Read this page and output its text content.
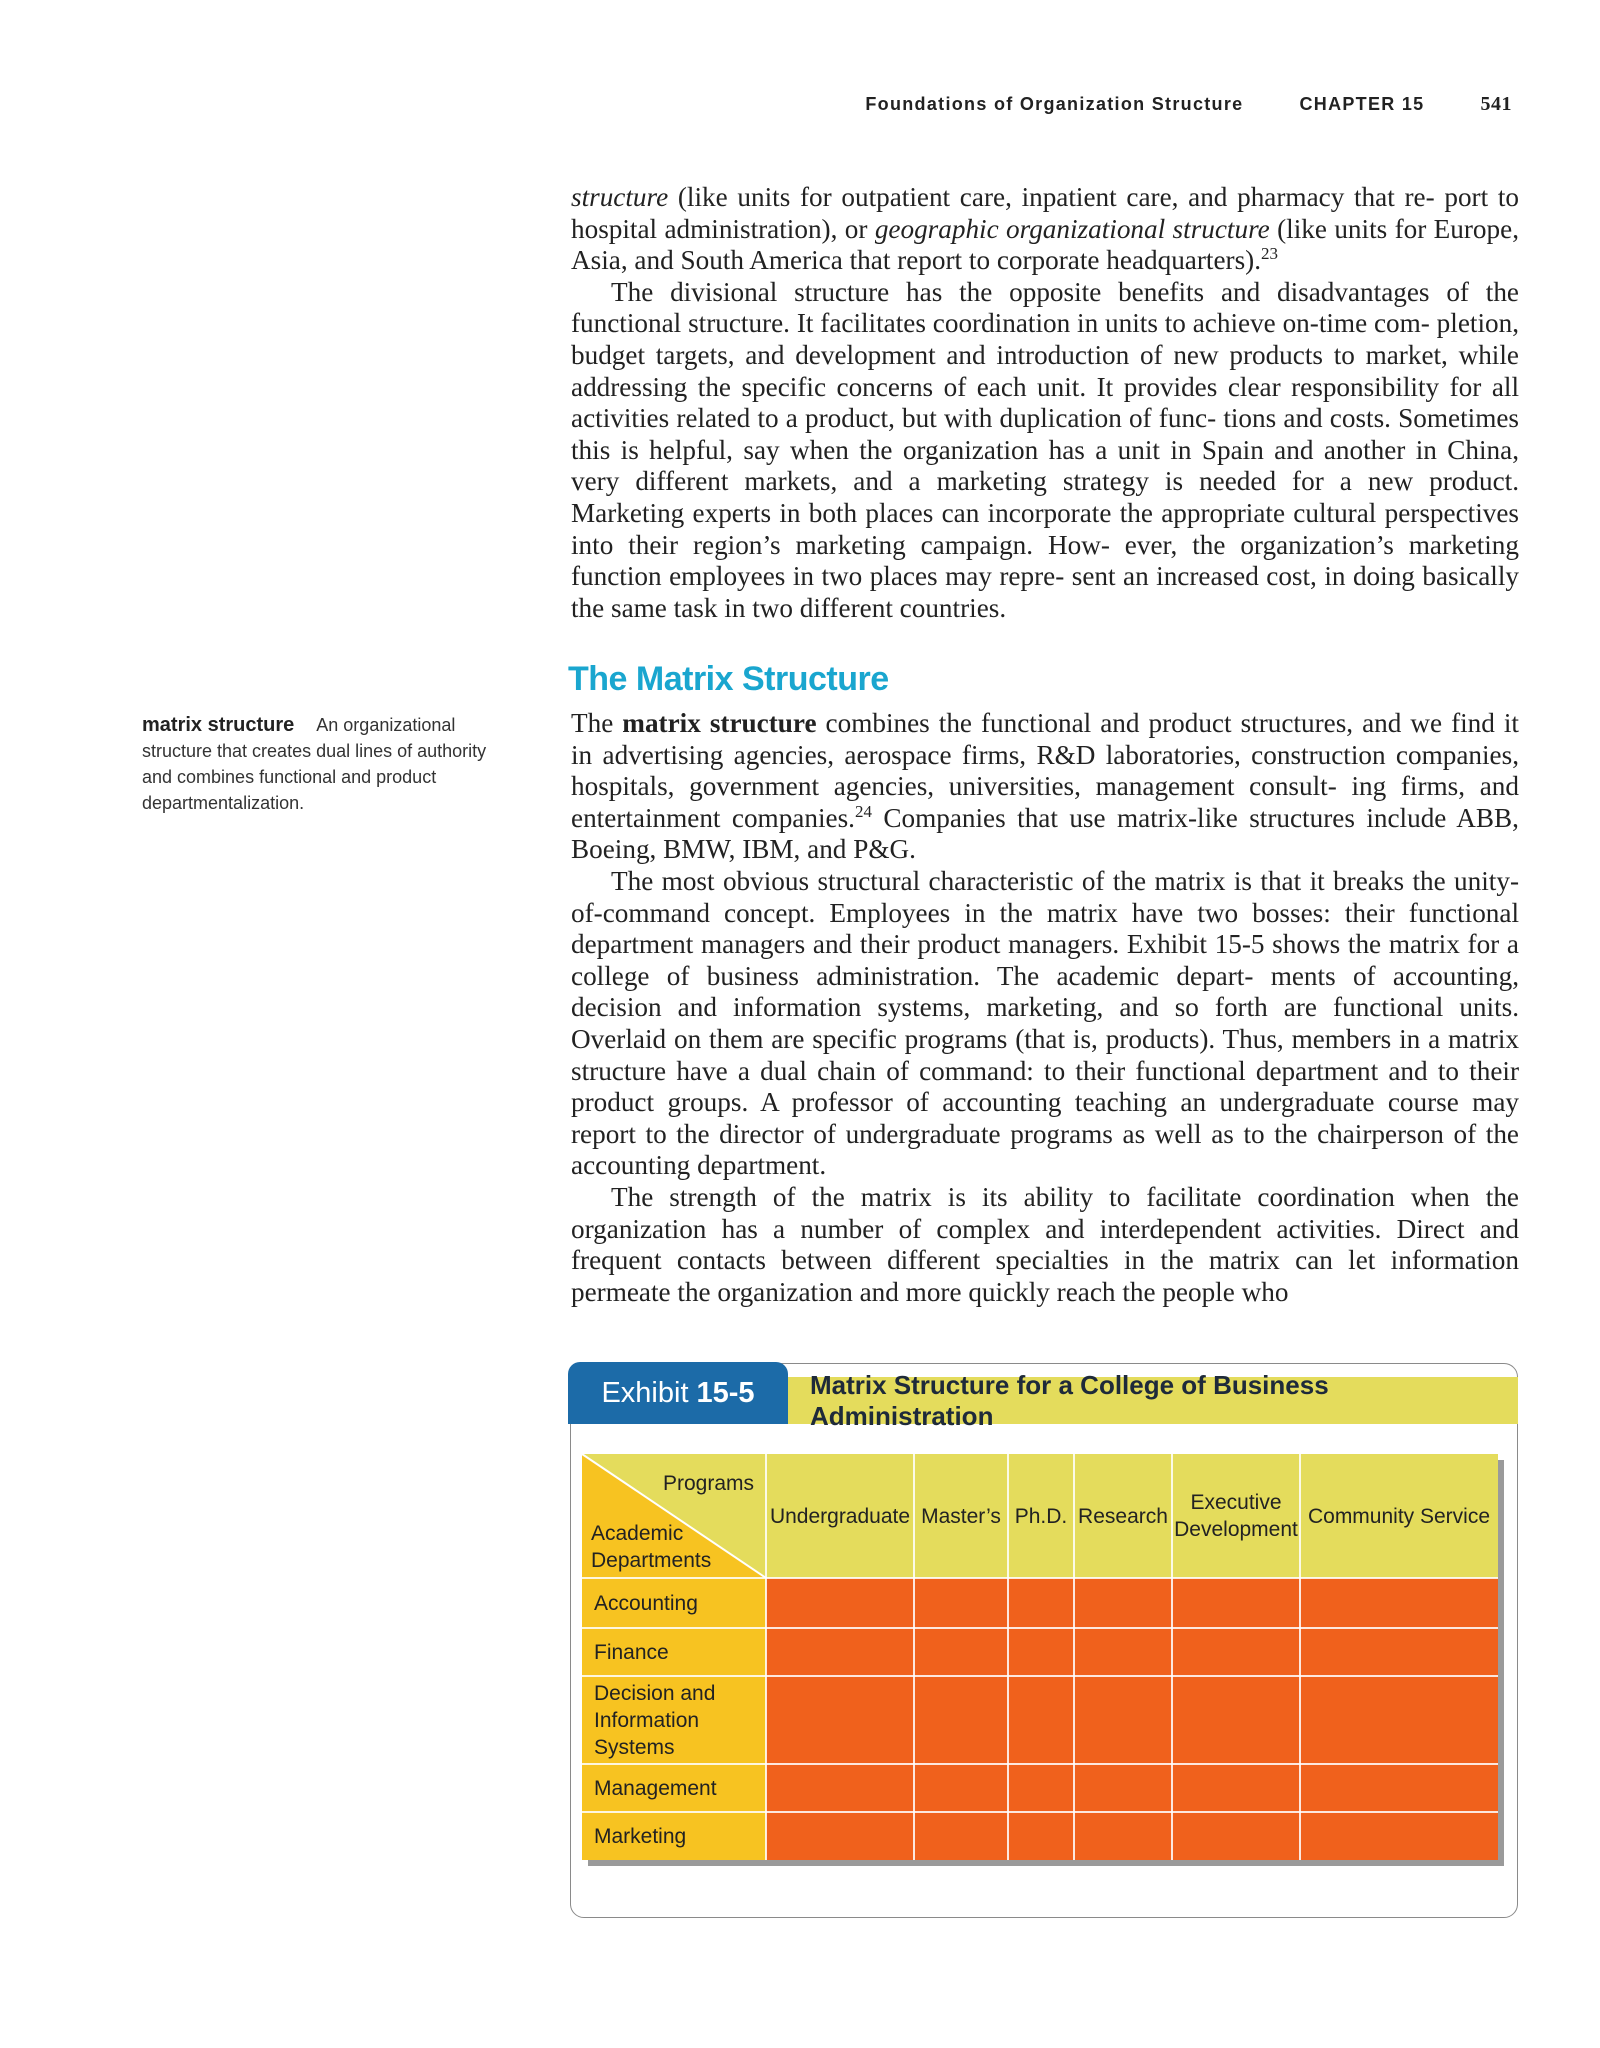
Foundations of Organization Structure	CHAPTER 15	541

structure (like units for outpatient care, inpatient care, and pharmacy that re- port to hospital administration), or geographic organizational structure (like units for Europe, Asia, and South America that report to corporate headquarters).$^{23}$

The divisional structure has the opposite benefits and disadvantages of the functional structure. It facilitates coordination in units to achieve on-time com- pletion, budget targets, and development and introduction of new products to market, while addressing the specific concerns of each unit. It provides clear responsibility for all activities related to a product, but with duplication of func- tions and costs. Sometimes this is helpful, say when the organization has a unit in Spain and another in China, very different markets, and a marketing strategy is needed for a new product. Marketing experts in both places can incorporate the appropriate cultural perspectives into their region’s marketing campaign. How- ever, the organization’s marketing function employees in two places may repre- sent an increased cost, in doing basically the same task in two different countries.

The Matrix Structure
matrix structure An organizational structure that creates dual lines of authority and combines functional and product departmentalization.

The matrix structure combines the functional and product structures, and we find it in advertising agencies, aerospace firms, R&D laboratories, construction companies, hospitals, government agencies, universities, management consult- ing firms, and entertainment companies.$^{24}$ Companies that use matrix-like structures include ABB, Boeing, BMW, IBM, and P&G.

The most obvious structural characteristic of the matrix is that it breaks the unity-of-command concept. Employees in the matrix have two bosses: their functional department managers and their product managers. Exhibit 15-5 shows the matrix for a college of business administration. The academic depart- ments of accounting, decision and information systems, marketing, and so forth are functional units. Overlaid on them are specific programs (that is, products). Thus, members in a matrix structure have a dual chain of command: to their functional department and to their product groups. A professor of accounting teaching an undergraduate course may report to the director of undergraduate programs as well as to the chairperson of the accounting department.

The strength of the matrix is its ability to facilitate coordination when the organization has a number of complex and interdependent activities. Direct and frequent contacts between different specialties in the matrix can let information permeate the organization and more quickly reach the people who

Exhibit 15-5 Matrix Structure for a College of Business Administration
Programs
Academic
Departments
Undergraduate Master’s Ph.D. Research
Executive Development
Community Service
Accounting
Finance
Decision and Information Systems
Management
Marketing
